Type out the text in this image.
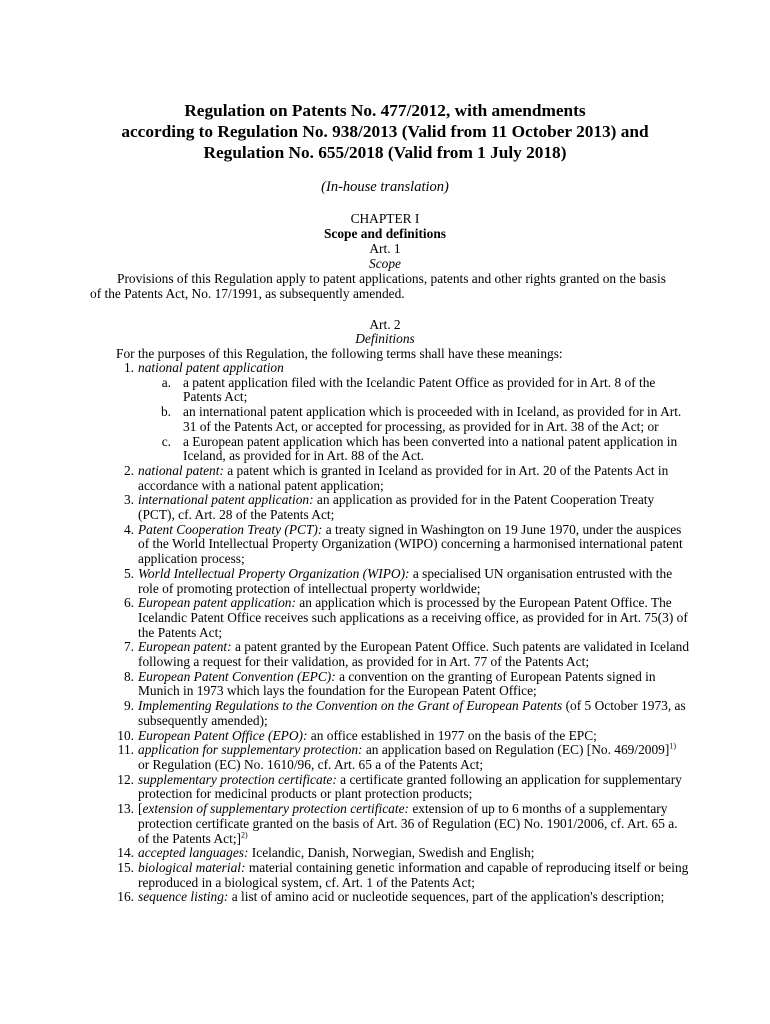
Regulation on Patents No. 477/2012, with amendments
according to Regulation No. 938/2013 (Valid from 11 October 2013) and
Regulation No. 655/2018 (Valid from 1 July 2018)
(In-house translation)
CHAPTER I
Scope and definitions
Art. 1
Scope
Provisions of this Regulation apply to patent applications, patents and other rights granted on the basis of the Patents Act, No. 17/1991, as subsequently amended.
Art. 2
Definitions
For the purposes of this Regulation, the following terms shall have these meanings:
1. national patent application
a. a patent application filed with the Icelandic Patent Office as provided for in Art. 8 of the Patents Act;
b. an international patent application which is proceeded with in Iceland, as provided for in Art. 31 of the Patents Act, or accepted for processing, as provided for in Art. 38 of the Act; or
c. a European patent application which has been converted into a national patent application in Iceland, as provided for in Art. 88 of the Act.
2. national patent: a patent which is granted in Iceland as provided for in Art. 20 of the Patents Act in accordance with a national patent application;
3. international patent application: an application as provided for in the Patent Cooperation Treaty (PCT), cf. Art. 28 of the Patents Act;
4. Patent Cooperation Treaty (PCT): a treaty signed in Washington on 19 June 1970, under the auspices of the World Intellectual Property Organization (WIPO) concerning a harmonised international patent application process;
5. World Intellectual Property Organization (WIPO): a specialised UN organisation entrusted with the role of promoting protection of intellectual property worldwide;
6. European patent application: an application which is processed by the European Patent Office. The Icelandic Patent Office receives such applications as a receiving office, as provided for in Art. 75(3) of the Patents Act;
7. European patent: a patent granted by the European Patent Office. Such patents are validated in Iceland following a request for their validation, as provided for in Art. 77 of the Patents Act;
8. European Patent Convention (EPC): a convention on the granting of European Patents signed in Munich in 1973 which lays the foundation for the European Patent Office;
9. Implementing Regulations to the Convention on the Grant of European Patents (of 5 October 1973, as subsequently amended);
10. European Patent Office (EPO): an office established in 1977 on the basis of the EPC;
11. application for supplementary protection: an application based on Regulation (EC) [No. 469/2009]$^{1)}$ or Regulation (EC) No. 1610/96, cf. Art. 65 a of the Patents Act;
12. supplementary protection certificate: a certificate granted following an application for supplementary protection for medicinal products or plant protection products;
13. [extension of supplementary protection certificate: extension of up to 6 months of a supplementary protection certificate granted on the basis of Art. 36 of Regulation (EC) No. 1901/2006, cf. Art. 65 a. of the Patents Act;]$^{2)}$
14. accepted languages: Icelandic, Danish, Norwegian, Swedish and English;
15. biological material: material containing genetic information and capable of reproducing itself or being reproduced in a biological system, cf. Art. 1 of the Patents Act;
16. sequence listing: a list of amino acid or nucleotide sequences, part of the application's description;
